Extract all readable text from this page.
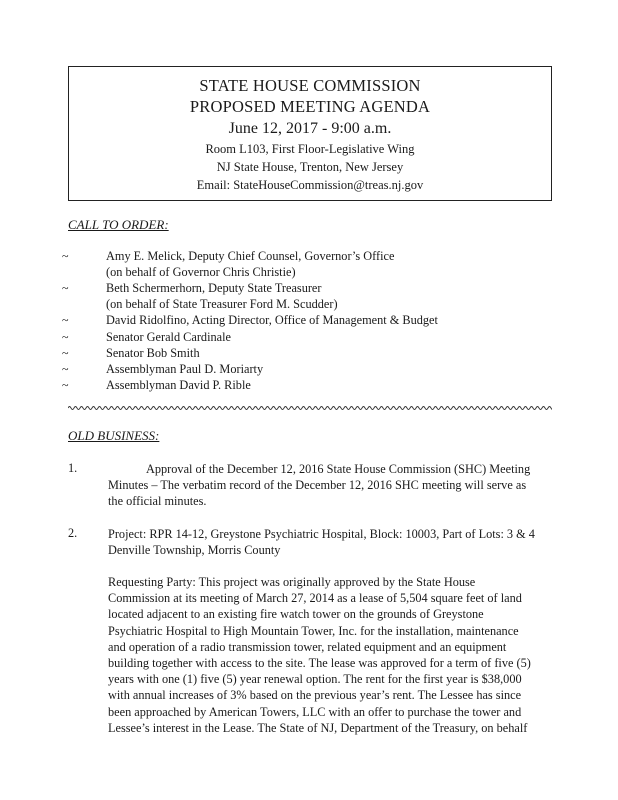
STATE HOUSE COMMISSION
PROPOSED MEETING AGENDA
June 12, 2017 - 9:00 a.m.
Room L103, First Floor-Legislative Wing
NJ State House, Trenton, New Jersey
Email: StateHouseCommission@treas.nj.gov
CALL TO ORDER:
~	Amy E. Melick, Deputy Chief Counsel, Governor’s Office
(on behalf of Governor Chris Christie)
~	Beth Schermerhorn, Deputy State Treasurer
(on behalf of State Treasurer Ford M. Scudder)
~	David Ridolfino, Acting Director, Office of Management & Budget
~	Senator Gerald Cardinale
~	Senator Bob Smith
~	Assemblyman Paul D. Moriarty
~	Assemblyman David P. Rible
OLD BUSINESS:
1.	Approval of the December 12, 2016 State House Commission (SHC) Meeting
Minutes – The verbatim record of the December 12, 2016 SHC meeting will serve as
the official minutes.
2.	Project: RPR 14-12, Greystone Psychiatric Hospital, Block: 10003, Part of Lots: 3 & 4
Denville Township, Morris County
Requesting Party: This project was originally approved by the State House
Commission at its meeting of March 27, 2014 as a lease of 5,504 square feet of land
located adjacent to an existing fire watch tower on the grounds of Greystone
Psychiatric Hospital to High Mountain Tower, Inc. for the installation, maintenance
and operation of a radio transmission tower, related equipment and an equipment
building together with access to the site. The lease was approved for a term of five (5)
years with one (1) five (5) year renewal option. The rent for the first year is $38,000
with annual increases of 3% based on the previous year’s rent. The Lessee has since
been approached by American Towers, LLC with an offer to purchase the tower and
Lessee’s interest in the Lease. The State of NJ, Department of the Treasury, on behalf
